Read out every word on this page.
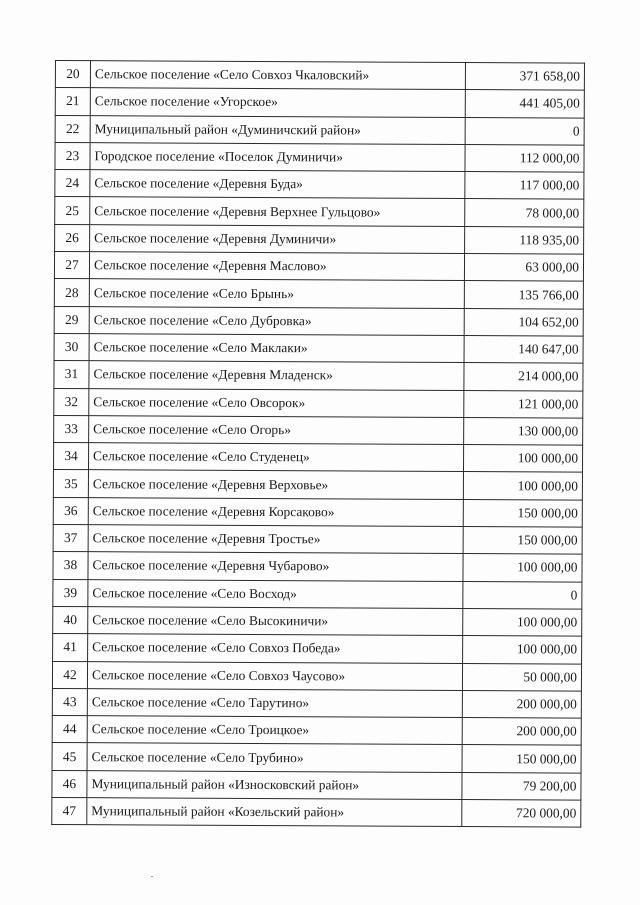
20	Сельское поселение «Село Совхоз Чкаловский»	371 658,00
21	Сельское поселение «Угорское»	441 405,00
22	Муниципальный район «Думиничский район»	0
23	Городское поселение «Поселок Думиничи»	112 000,00
24	Сельское поселение «Деревня Буда»	117 000,00
25	Сельское поселение «Деревня Верхнее Гульцово»	78 000,00
26	Сельское поселение «Деревня Думиничи»	118 935,00
27	Сельское поселение «Деревня Маслово»	63 000,00
28	Сельское поселение «Село Брынь»	135 766,00
29	Сельское поселение «Село Дубровка»	104 652,00
30	Сельское поселение «Село Маклаки»	140 647,00
31	Сельское поселение «Деревня Младенск»	214 000,00
32	Сельское поселение «Село Овсорок»	121 000,00
33	Сельское поселение «Село Огорь»	130 000,00
34	Сельское поселение «Село Студенец»	100 000,00
35	Сельское поселение «Деревня Верховье»	100 000,00
36	Сельское поселение «Деревня Корсаково»	150 000,00
37	Сельское поселение «Деревня Тростье»	150 000,00
38	Сельское поселение «Деревня Чубарово»	100 000,00
39	Сельское поселение «Село Восход»	0
40	Сельское поселение «Село Высокиничи»	100 000,00
41	Сельское поселение «Село Совхоз Победа»	100 000,00
42	Сельское поселение «Село Совхоз Чаусово»	50 000,00
43	Сельское поселение «Село Тарутино»	200 000,00
44	Сельское поселение «Село Троицкое»	200 000,00
45	Сельское поселение «Село Трубино»	150 000,00
46	Муниципальный район «Износковский район»	79 200,00
47	Муниципальный район «Козельский район»	720 000,00
